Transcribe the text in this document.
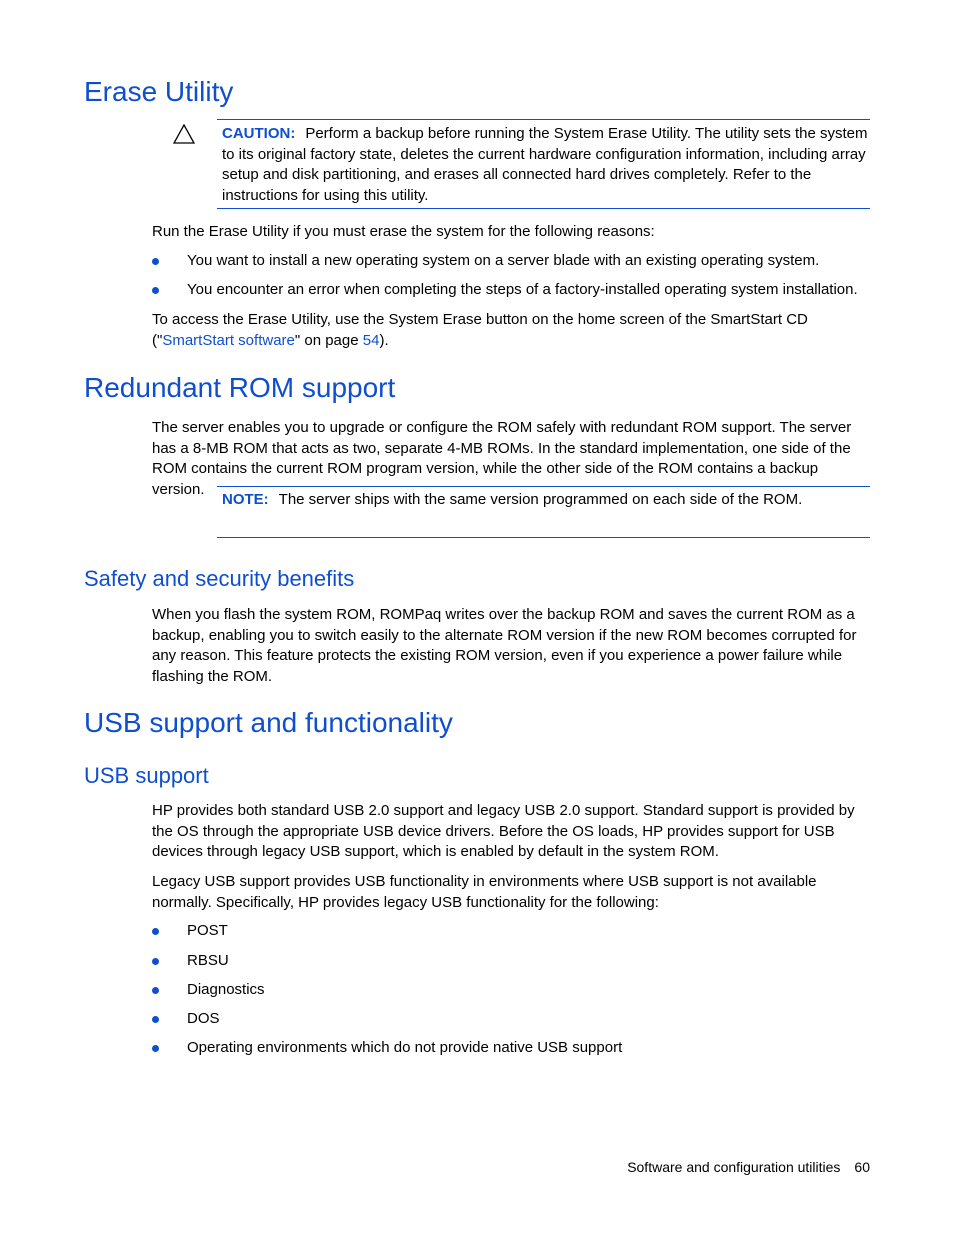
Erase Utility

CAUTION: Perform a backup before running the System Erase Utility. The utility sets the system to its original factory state, deletes the current hardware configuration information, including array setup and disk partitioning, and erases all connected hard drives completely. Refer to the instructions for using this utility.

Run the Erase Utility if you must erase the system for the following reasons:

You want to install a new operating system on a server blade with an existing operating system.
You encounter an error when completing the steps of a factory-installed operating system installation.

To access the Erase Utility, use the System Erase button on the home screen of the SmartStart CD ("SmartStart software" on page 54).

Redundant ROM support

The server enables you to upgrade or configure the ROM safely with redundant ROM support. The server has a 8-MB ROM that acts as two, separate 4-MB ROMs. In the standard implementation, one side of the ROM contains the current ROM program version, while the other side of the ROM contains a backup version.

NOTE: The server ships with the same version programmed on each side of the ROM.

Safety and security benefits

When you flash the system ROM, ROMPaq writes over the backup ROM and saves the current ROM as a backup, enabling you to switch easily to the alternate ROM version if the new ROM becomes corrupted for any reason. This feature protects the existing ROM version, even if you experience a power failure while flashing the ROM.

USB support and functionality
USB support

HP provides both standard USB 2.0 support and legacy USB 2.0 support. Standard support is provided by the OS through the appropriate USB device drivers. Before the OS loads, HP provides support for USB devices through legacy USB support, which is enabled by default in the system ROM.

Legacy USB support provides USB functionality in environments where USB support is not available normally. Specifically, HP provides legacy USB functionality for the following:

POST
RBSU
Diagnostics
DOS
Operating environments which do not provide native USB support
Software and configuration utilities 60
